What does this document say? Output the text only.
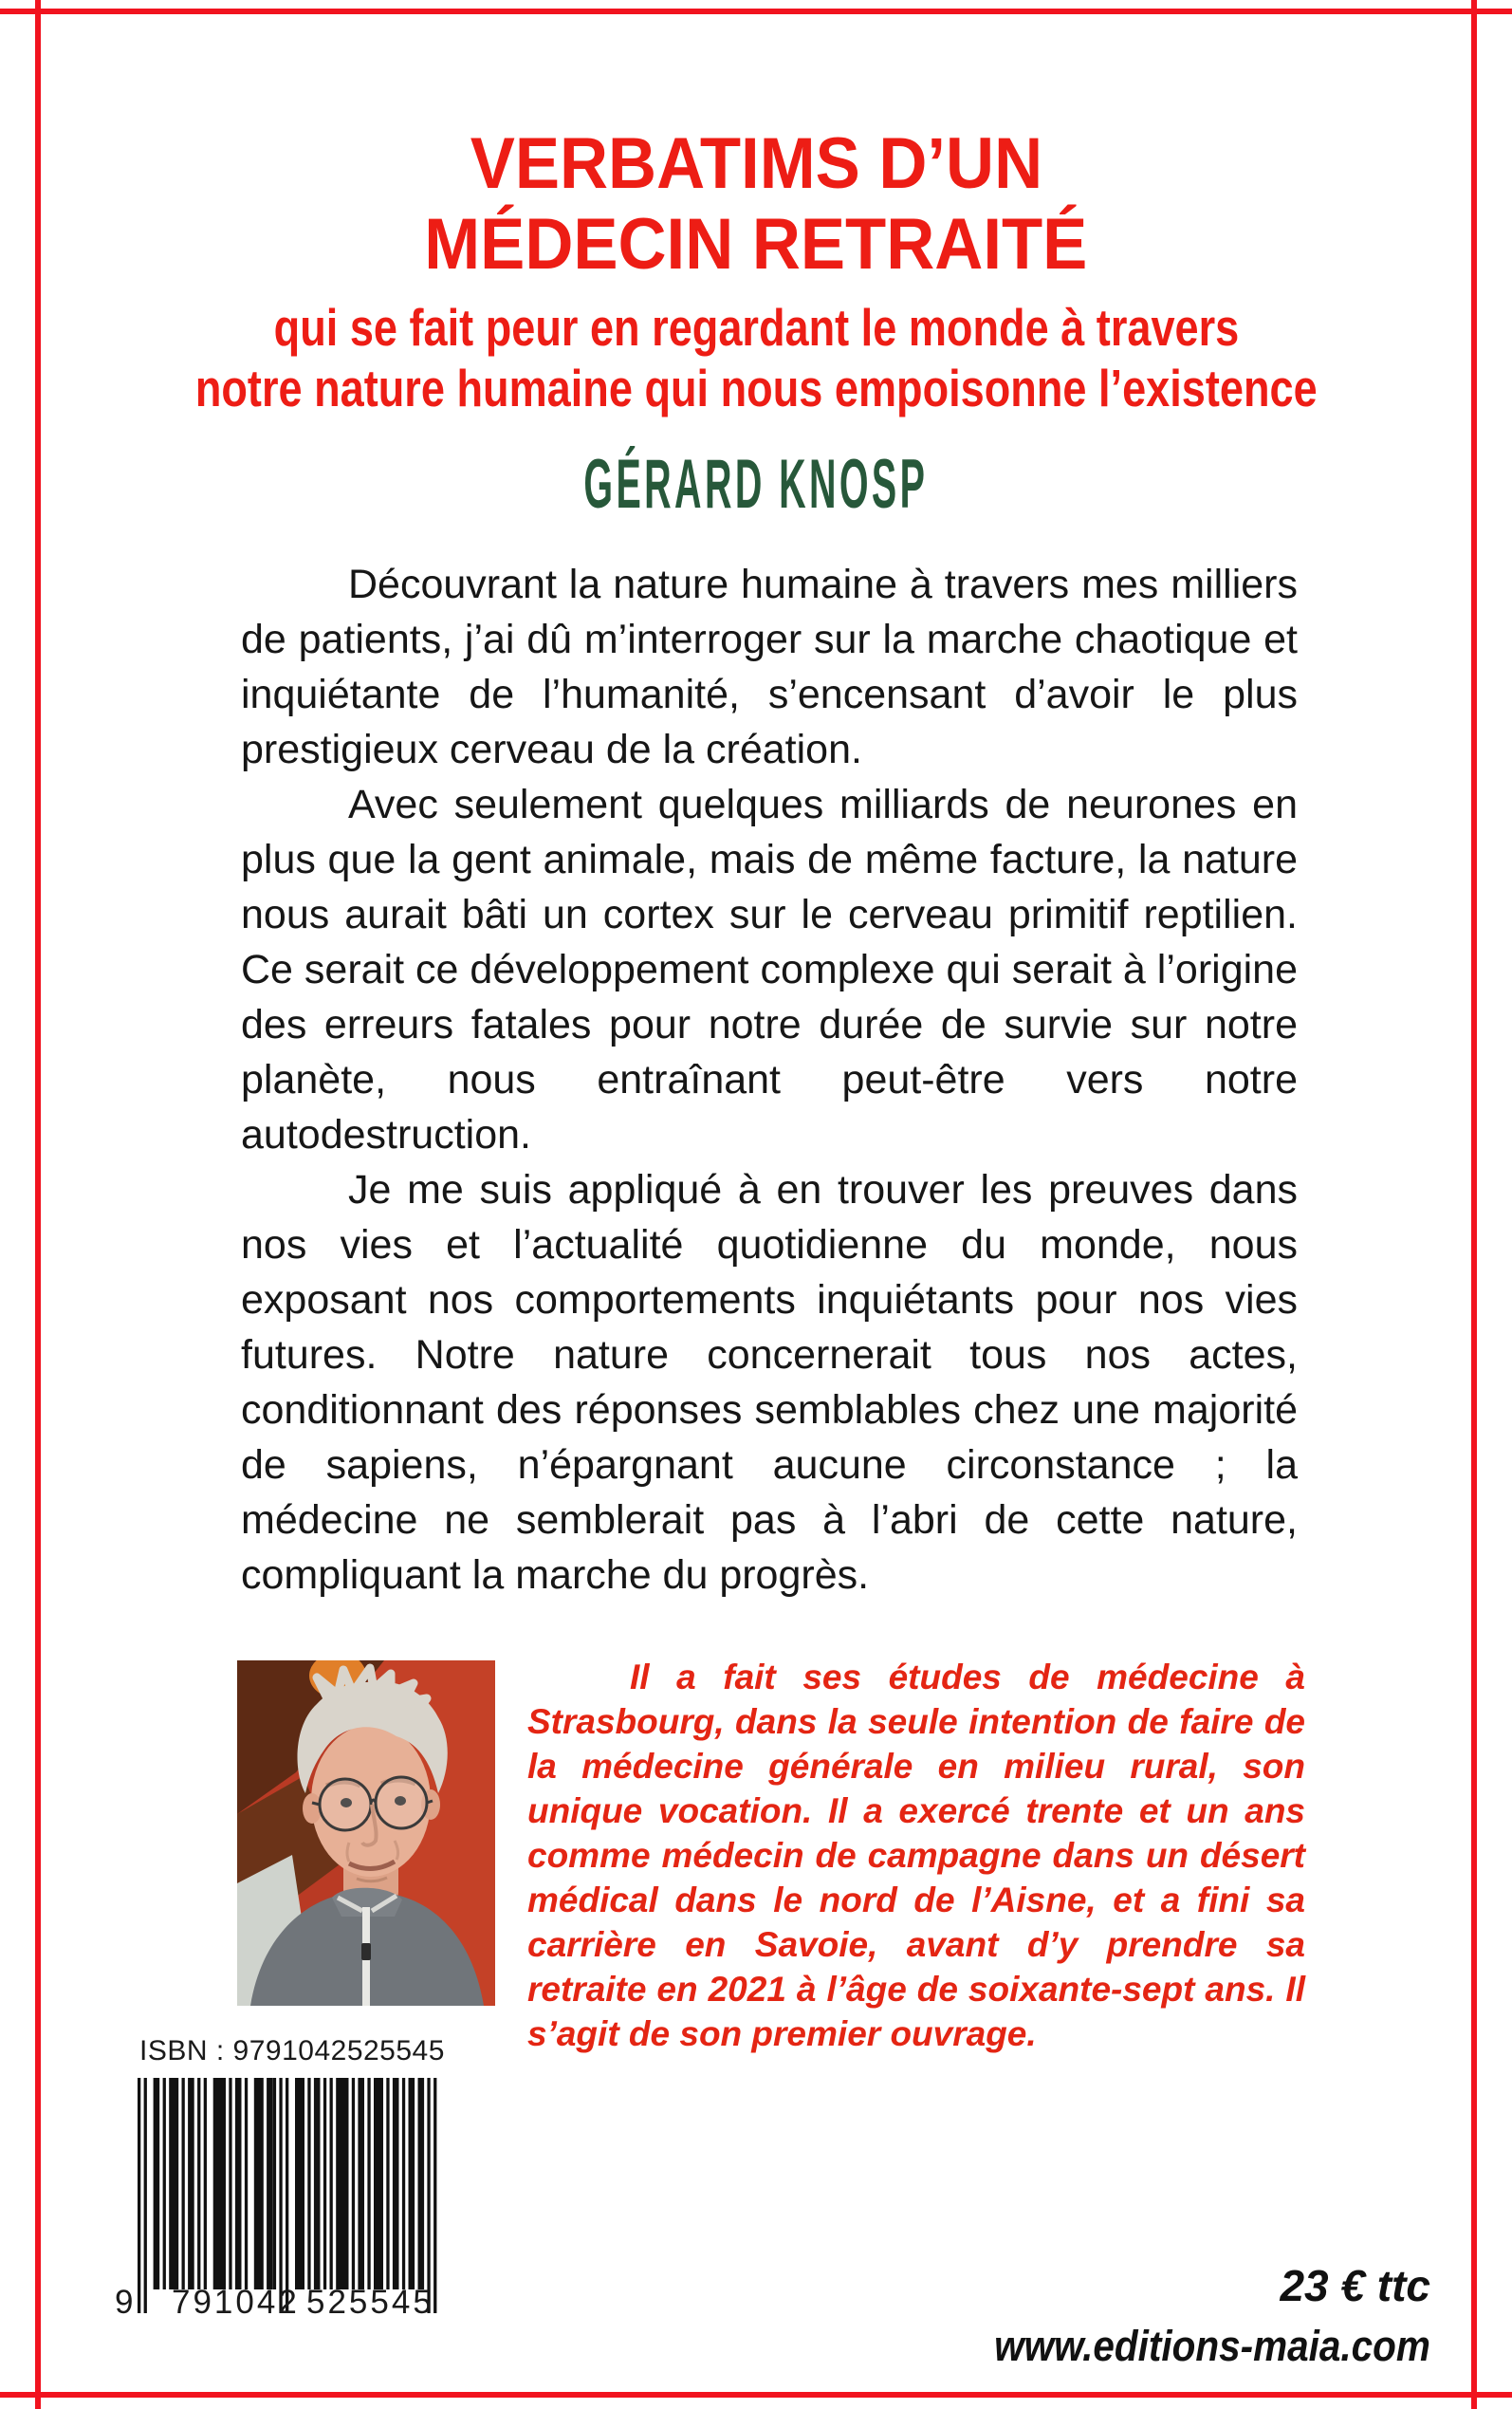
VERBATIMS D’UN
MÉDECIN RETRAITÉ
qui se fait peur en regardant le monde à travers
notre nature humaine qui nous empoisonne l’existence
GÉRARD KNOSP

Découvrant la nature humaine à travers mes milliers de patients, j’ai dû m’interroger sur la marche chaotique et inquiétante de l’humanité, s’encensant d’avoir le plus prestigieux cerveau de la création.

Avec seulement quelques milliards de neurones en plus que la gent animale, mais de même facture, la nature nous aurait bâti un cortex sur le cerveau primitif reptilien. Ce serait ce développement complexe qui serait à l’origine des erreurs fatales pour notre durée de survie sur notre planète, nous entraînant peut-être vers notre autodestruction.

Je me suis appliqué à en trouver les preuves dans nos vies et l’actualité quotidienne du monde, nous exposant nos comportements inquiétants pour nos vies futures. Notre nature concernerait tous nos actes, conditionnant des réponses semblables chez une majorité de sapiens, n’épargnant aucune circonstance ; la médecine ne semblerait pas à l’abri de cette nature, compliquant la marche du progrès.

Il a fait ses études de médecine à Strasbourg, dans la seule intention de faire de la médecine générale en milieu rural, son unique vocation. Il a exercé trente et un ans comme médecin de campagne dans un désert médical dans le nord de l’Aisne, et a fini sa carrière en Savoie, avant d’y prendre sa retraite en 2021 à l’âge de soixante-sept ans. Il s’agit de son premier ouvrage.

ISBN : 9791042525545
9 791042 525545	23 € ttc
www.editions-maia.com
